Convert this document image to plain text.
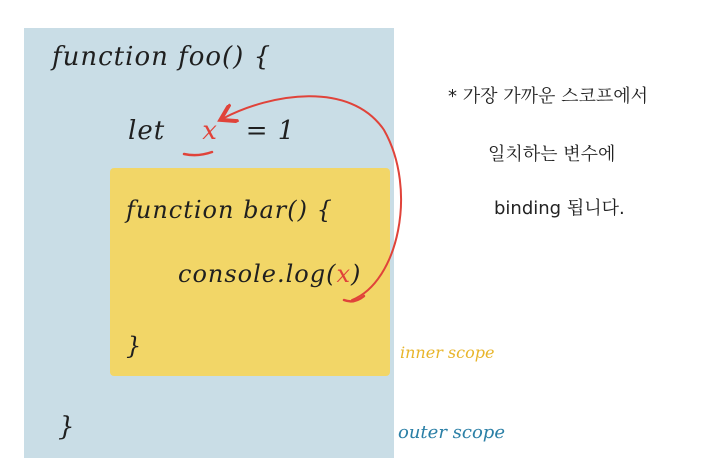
function foo() {
let x = 1
function bar() {
console.log(x)
}
}
* 가장 가까운 스코프에서
일치하는 변수에
binding 됩니다.
inner scope
outer scope
